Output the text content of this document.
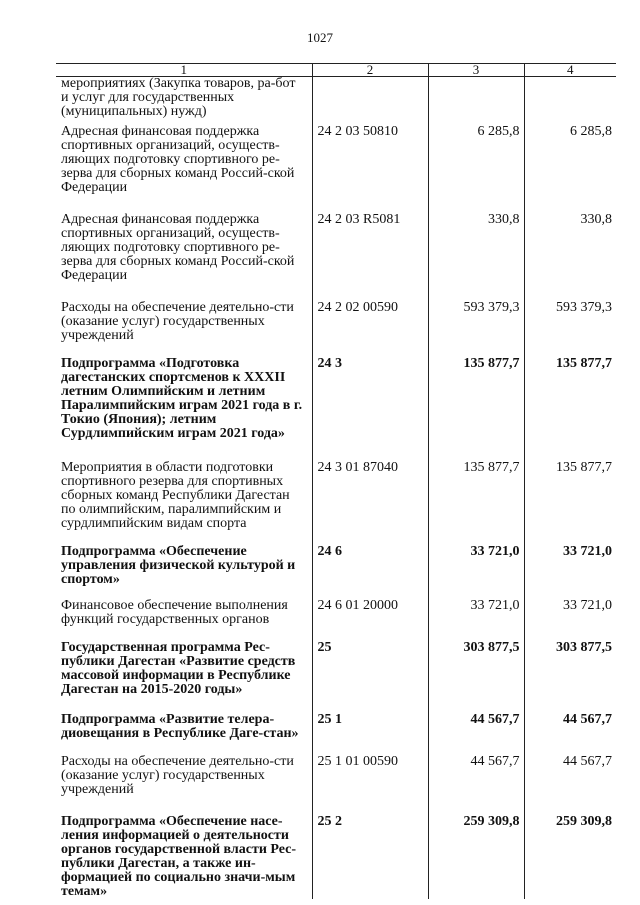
1027
1	2	3	4
мероприятиях (Закупка товаров, ра-бот и услуг для государственных (муниципальных) нужд)			
Адресная финансовая поддержка спортивных организаций, осуществ-ляющих подготовку спортивного ре-зерва для сборных команд Россий-ской Федерации	24 2 03 50810	6 285,8	6 285,8
Адресная финансовая поддержка спортивных организаций, осуществ-ляющих подготовку спортивного ре-зерва для сборных команд Россий-ской Федерации	24 2 03 R5081	330,8	330,8
Расходы на обеспечение деятельно-сти (оказание услуг) государственных учреждений	24 2 02 00590	593 379,3	593 379,3
Подпрограмма «Подготовка дагестанских спортсменов к XXXII летним Олимпийским и летним Паралимпийским играм 2021 года в г. Токио (Япония); летним Сурдлимпийским играм 2021 года»	24 3	135 877,7	135 877,7
Мероприятия в области подготовки спортивного резерва для спортивных сборных команд Республики Дагестан по олимпийским, паралимпийским и сурдлимпийским видам спорта	24 3 01 87040	135 877,7	135 877,7
Подпрограмма «Обеспечение управления физической культурой и спортом»	24 6	33 721,0	33 721,0
Финансовое обеспечение выполнения функций государственных органов	24 6 01 20000	33 721,0	33 721,0
Государственная программа Рес-публики Дагестан «Развитие средств массовой информации в Республике Дагестан на 2015-2020 годы»	25	303 877,5	303 877,5
Подпрограмма «Развитие телера-диовещания в Республике Даге-стан»	25 1	44 567,7	44 567,7
Расходы на обеспечение деятельно-сти (оказание услуг) государственных учреждений	25 1 01 00590	44 567,7	44 567,7
Подпрограмма «Обеспечение насе-ления информацией о деятельности органов государственной власти Рес-публики Дагестан, а также ин-формацией по социально значи-мым темам»	25 2	259 309,8	259 309,8
